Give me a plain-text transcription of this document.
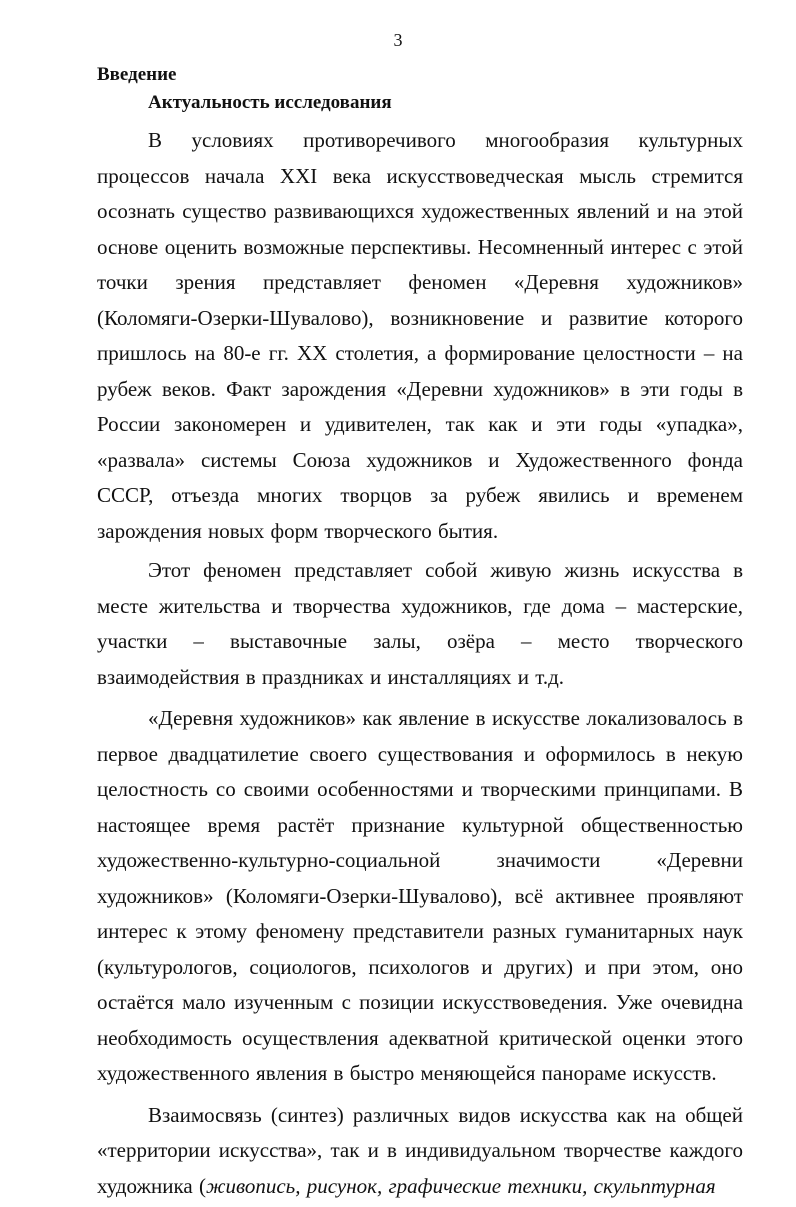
3

Введение

Актуальность исследования

В условиях противоречивого многообразия культурных процессов начала XXI века искусствоведческая мысль стремится осознать существо развивающихся художественных явлений и на этой основе оценить возможные перспективы. Несомненный интерес с этой точки зрения представляет феномен «Деревня художников» (Коломяги-Озерки-Шувалово), возникновение и развитие которого пришлось на 80-е гг. XX столетия, а формирование целостности – на рубеж веков. Факт зарождения «Деревни художников» в эти годы в России закономерен и удивителен, так как и эти годы «упадка», «развала» системы Союза художников и Художественного фонда СССР, отъезда многих творцов за рубеж явились и временем зарождения новых форм творческого бытия.

Этот феномен представляет собой живую жизнь искусства в месте жительства и творчества художников, где дома – мастерские, участки – выставочные залы, озёра – место творческого взаимодействия в праздниках и инсталляциях и т.д.

«Деревня художников» как явление в искусстве локализовалось в первое двадцатилетие своего существования и оформилось в некую целостность со своими особенностями и творческими принципами. В настоящее время растёт признание культурной общественностью художественно-культурно-социальной значимости «Деревни художников» (Коломяги-Озерки-Шувалово), всё активнее проявляют интерес к этому феномену представители разных гуманитарных наук (культурологов, социологов, психологов и других) и при этом, оно остаётся мало изученным с позиции искусствоведения. Уже очевидна необходимость осуществления адекватной критической оценки этого художественного явления в быстро меняющейся панораме искусств.

Взаимосвязь (синтез) различных видов искусства как на общей «территории искусства», так и в индивидуальном творчестве каждого художника (живопись, рисунок, графические техники, скульптурная
